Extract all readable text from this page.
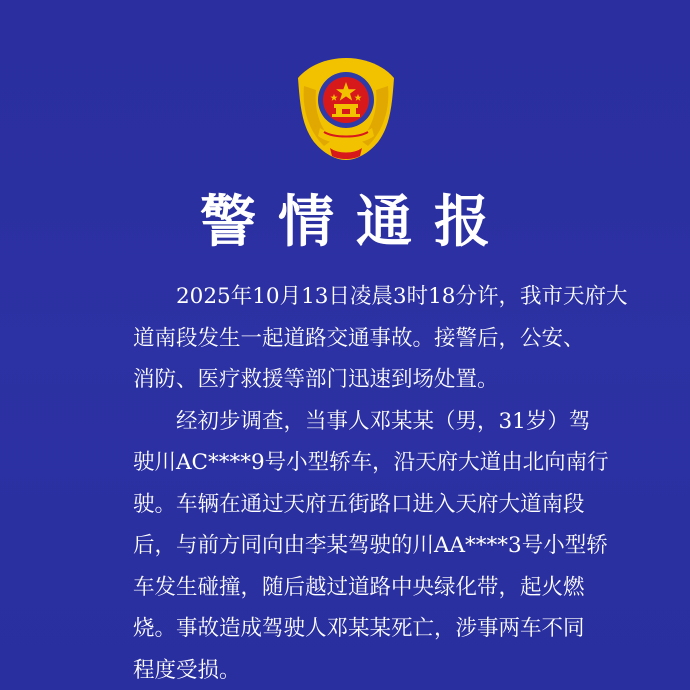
警情通报

2025年10月13日凌晨3时18分许，我市天府大
道南段发生一起道路交通事故。接警后，公安、
消防、医疗救援等部门迅速到场处置。

经初步调查，当事人邓某某（男，31岁）驾
驶川AC****9号小型轿车，沿天府大道由北向南行
驶。车辆在通过天府五街路口进入天府大道南段
后，与前方同向由李某驾驶的川AA****3号小型轿
车发生碰撞，随后越过道路中央绿化带，起火燃
烧。事故造成驾驶人邓某某死亡，涉事两车不同
程度受损。
